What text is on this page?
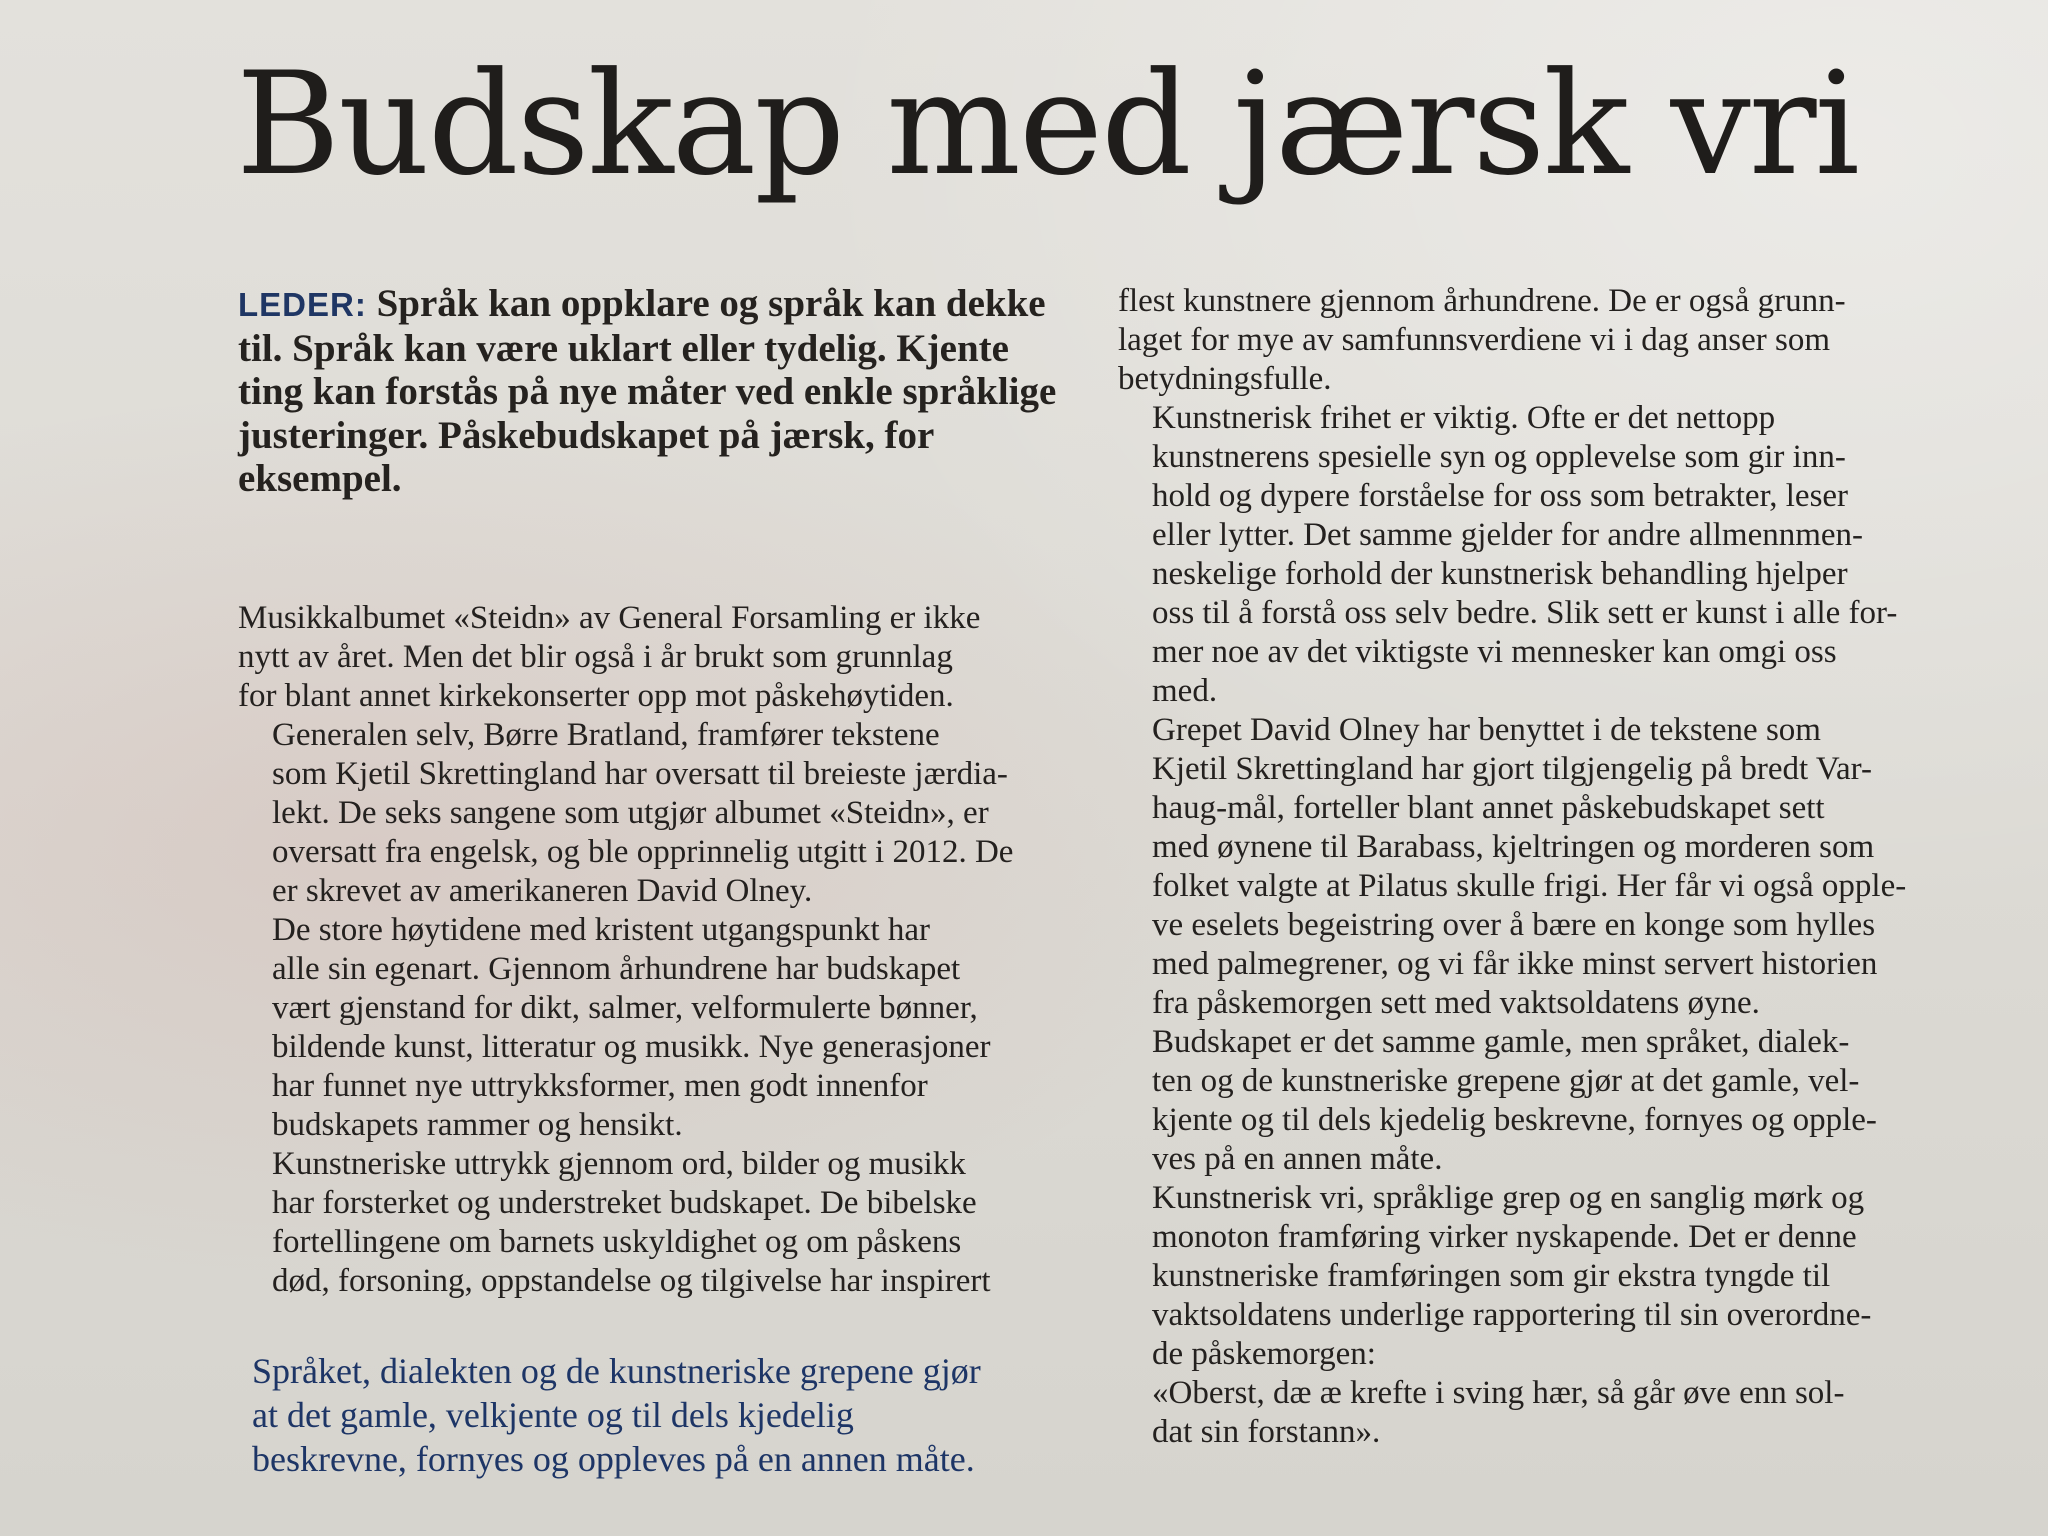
Budskap med jærsk vri

LEDER: Språk kan oppklare og språk kan dekke til. Språk kan være uklart eller tydelig. Kjente ting kan forstås på nye måter ved enkle språklige justeringer. Påskebudskapet på jærsk, for eksempel.

Musikkalbumet «Steidn» av General Forsamling er ikke
nytt av året. Men det blir også i år brukt som grunnlag
for blant annet kirkekonserter opp mot påskehøytiden.

Generalen selv, Børre Bratland, framfører tekstene
som Kjetil Skrettingland har oversatt til breieste jærdia-
lekt. De seks sangene som utgjør albumet «Steidn», er
oversatt fra engelsk, og ble opprinnelig utgitt i 2012. De
er skrevet av amerikaneren David Olney.

De store høytidene med kristent utgangspunkt har
alle sin egenart. Gjennom århundrene har budskapet
vært gjenstand for dikt, salmer, velformulerte bønner,
bildende kunst, litteratur og musikk. Nye generasjoner
har funnet nye uttrykksformer, men godt innenfor
budskapets rammer og hensikt.

Kunstneriske uttrykk gjennom ord, bilder og musikk
har forsterket og understreket budskapet. De bibelske
fortellingene om barnets uskyldighet og om påskens
død, forsoning, oppstandelse og tilgivelse har inspirert

Språket, dialekten og de kunstneriske grepene gjør
at det gamle, velkjente og til dels kjedelig
beskrevne, fornyes og oppleves på en annen måte.

flest kunstnere gjennom århundrene. De er også grunn-
laget for mye av samfunnsverdiene vi i dag anser som
betydningsfulle.

Kunstnerisk frihet er viktig. Ofte er det nettopp
kunstnerens spesielle syn og opplevelse som gir inn-
hold og dypere forståelse for oss som betrakter, leser
eller lytter. Det samme gjelder for andre allmennmen-
neskelige forhold der kunstnerisk behandling hjelper
oss til å forstå oss selv bedre. Slik sett er kunst i alle for-
mer noe av det viktigste vi mennesker kan omgi oss
med.

Grepet David Olney har benyttet i de tekstene som
Kjetil Skrettingland har gjort tilgjengelig på bredt Var-
haug-mål, forteller blant annet påskebudskapet sett
med øynene til Barabass, kjeltringen og morderen som
folket valgte at Pilatus skulle frigi. Her får vi også opple-
ve eselets begeistring over å bære en konge som hylles
med palmegrener, og vi får ikke minst servert historien
fra påskemorgen sett med vaktsoldatens øyne.

Budskapet er det samme gamle, men språket, dialek-
ten og de kunstneriske grepene gjør at det gamle, vel-
kjente og til dels kjedelig beskrevne, fornyes og opple-
ves på en annen måte.

Kunstnerisk vri, språklige grep og en sanglig mørk og
monoton framføring virker nyskapende. Det er denne
kunstneriske framføringen som gir ekstra tyngde til
vaktsoldatens underlige rapportering til sin overordne-
de påskemorgen:

«Oberst, dæ æ krefte i sving hær, så går øve enn sol-
dat sin forstann».
